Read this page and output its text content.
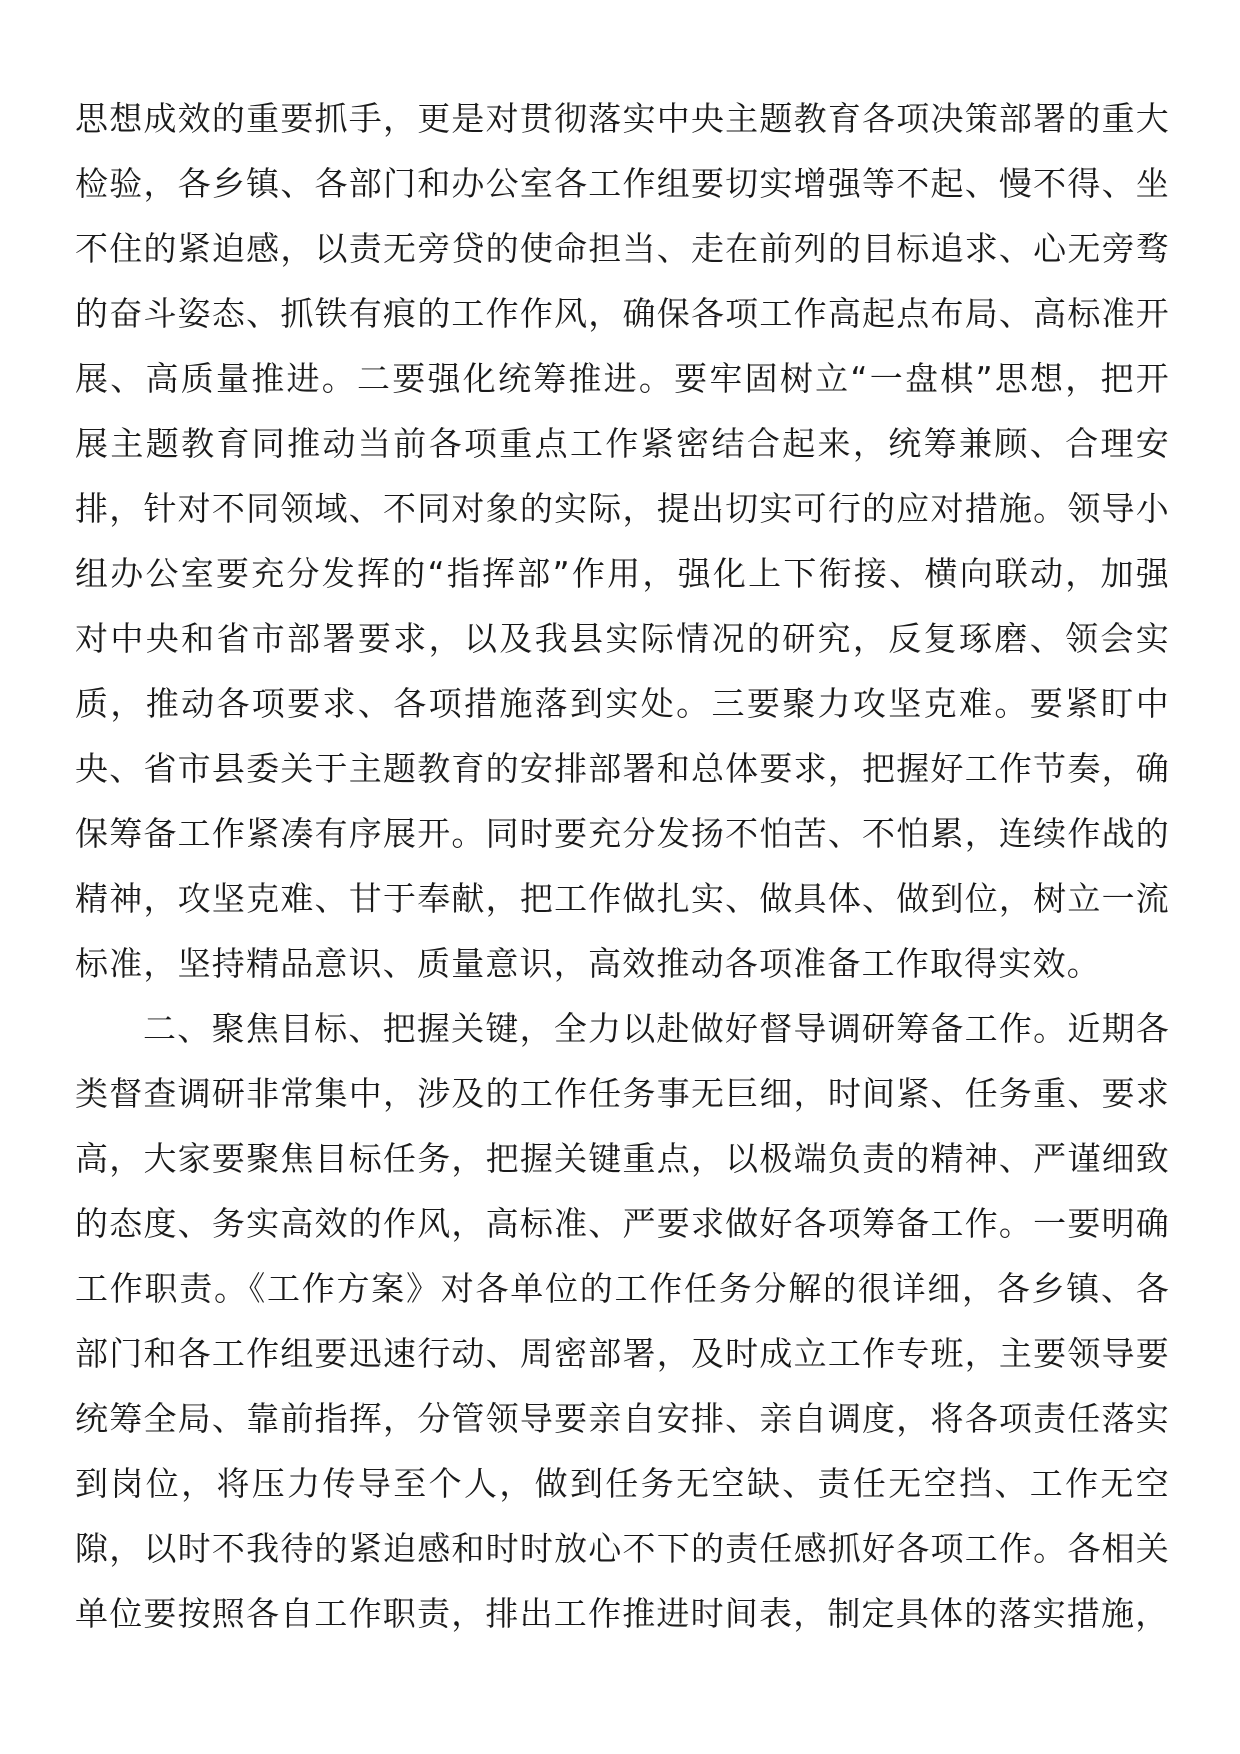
思想成效的重要抓手，更是对贯彻落实中央主题教育各项决策部署的重大检验，各乡镇、各部门和办公室各工作组要切实增强等不起、慢不得、坐不住的紧迫感，以责无旁贷的使命担当、走在前列的目标追求、心无旁骛的奋斗姿态、抓铁有痕的工作作风，确保各项工作高起点布局、高标准开展、高质量推进。二要强化统筹推进。要牢固树立“一盘棋”思想，把开展主题教育同推动当前各项重点工作紧密结合起来，统筹兼顾、合理安排，针对不同领域、不同对象的实际，提出切实可行的应对措施。领导小组办公室要充分发挥的“指挥部”作用，强化上下衔接、横向联动，加强对中央和省市部署要求，以及我县实际情况的研究，反复琢磨、领会实质，推动各项要求、各项措施落到实处。三要聚力攻坚克难。要紧盯中央、省市县委关于主题教育的安排部署和总体要求，把握好工作节奏，确保筹备工作紧凑有序展开。同时要充分发扬不怕苦、不怕累，连续作战的精神，攻坚克难、甘于奉献，把工作做扎实、做具体、做到位，树立一流标准，坚持精品意识、质量意识，高效推动各项准备工作取得实效。

二、聚焦目标、把握关键，全力以赴做好督导调研筹备工作。近期各类督查调研非常集中，涉及的工作任务事无巨细，时间紧、任务重、要求高，大家要聚焦目标任务，把握关键重点，以极端负责的精神、严谨细致的态度、务实高效的作风，高标准、严要求做好各项筹备工作。一要明确工作职责。《工作方案》对各单位的工作任务分解的很详细，各乡镇、各部门和各工作组要迅速行动、周密部署，及时成立工作专班，主要领导要统筹全局、靠前指挥，分管领导要亲自安排、亲自调度，将各项责任落实到岗位，将压力传导至个人，做到任务无空缺、责任无空挡、工作无空隙，以时不我待的紧迫感和时时放心不下的责任感抓好各项工作。各相关单位要按照各自工作职责，排出工作推进时间表，制定具体的落实措施，
